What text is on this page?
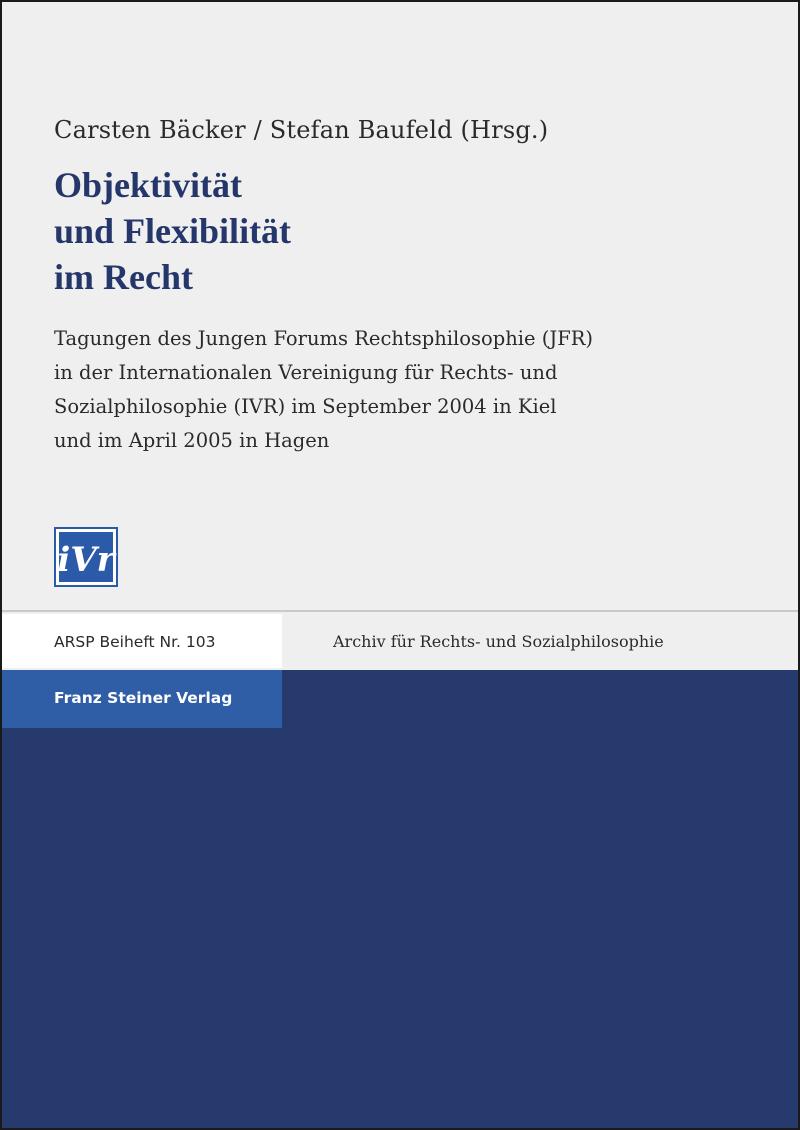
Carsten Bäcker / Stefan Baufeld (Hrsg.)
Objektivität
und Flexibilität
im Recht
Tagungen des Jungen Forums Rechtsphilosophie (JFR)
in der Internationalen Vereinigung für Rechts- und
Sozialphilosophie (IVR) im September 2004 in Kiel
und im April 2005 in Hagen
iVr
ARSP Beiheft Nr. 103	Archiv für Rechts- und Sozialphilosophie
Franz Steiner Verlag
